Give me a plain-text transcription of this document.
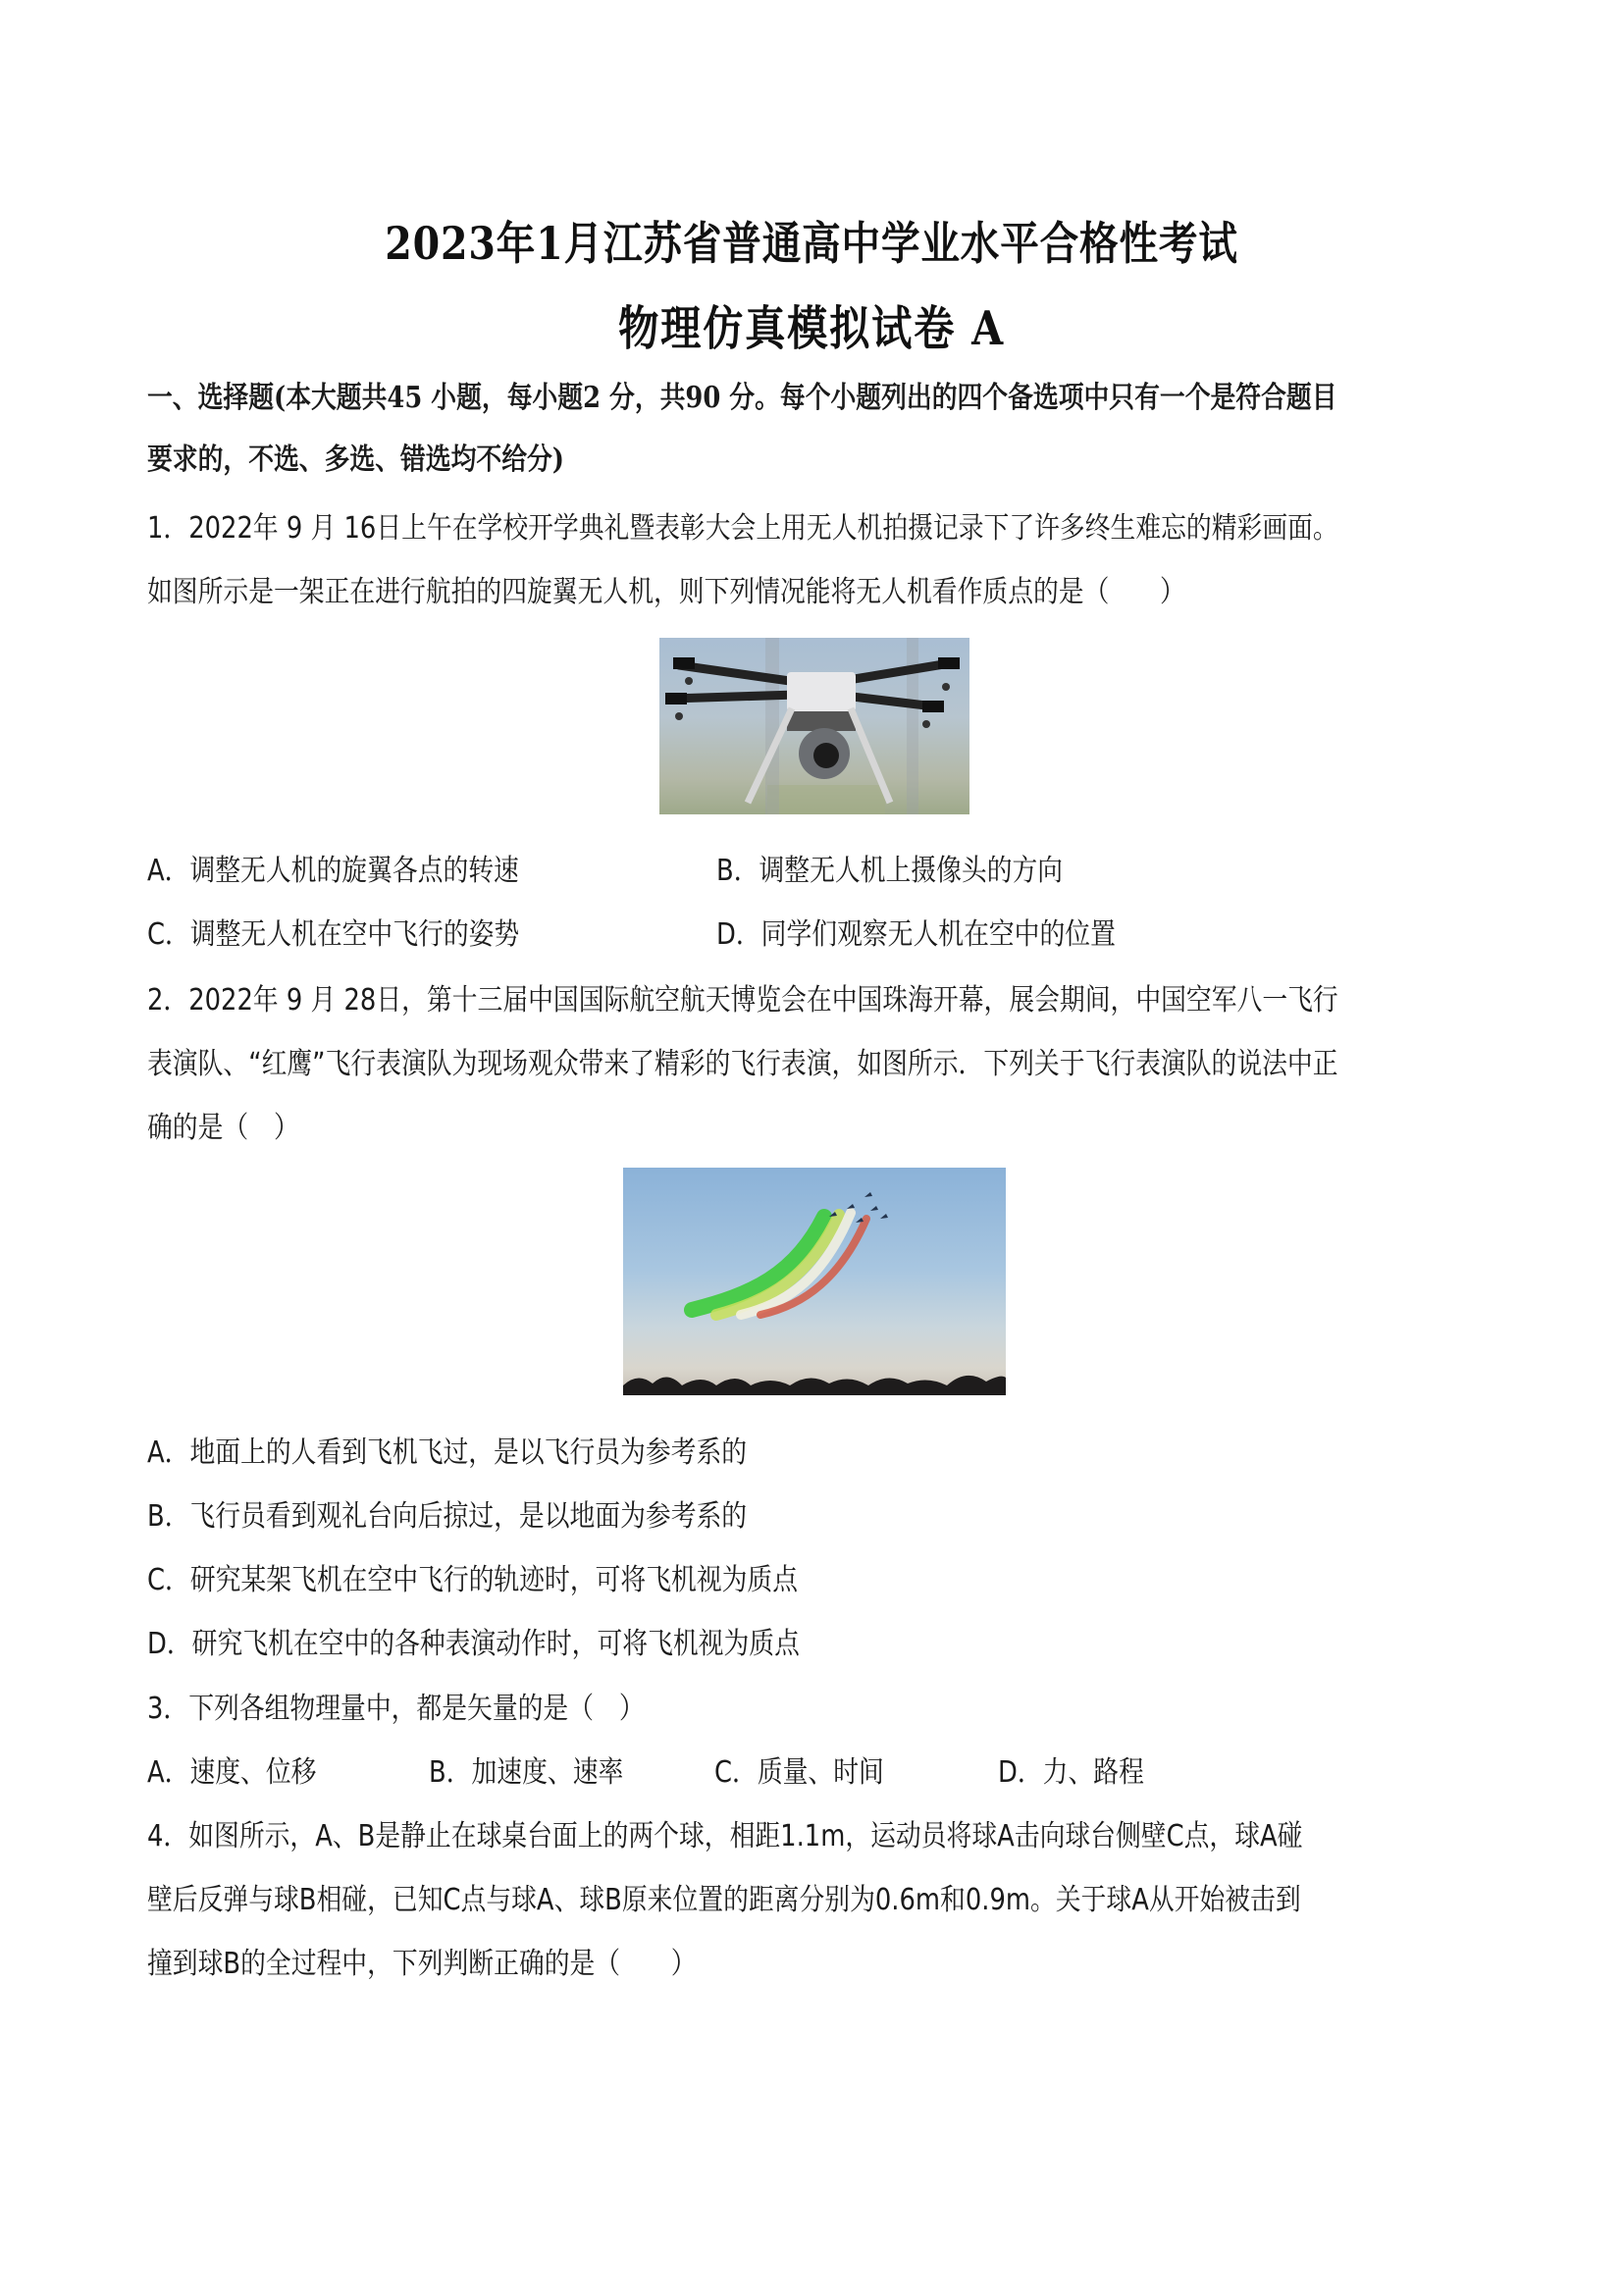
2023年1月江苏省普通高中学业水平合格性考试
物理仿真模拟试卷 A
一、选择题(本大题共45 小题，每小题2 分，共90 分。每个小题列出的四个备选项中只有一个是符合题目
要求的，不选、多选、错选均不给分)
1．2022年 9 月 16日上午在学校开学典礼暨表彰大会上用无人机拍摄记录下了许多终生难忘的精彩画面。
如图所示是一架正在进行航拍的四旋翼无人机，则下列情况能将无人机看作质点的是（　　）
A．调整无人机的旋翼各点的转速	B．调整无人机上摄像头的方向
C．调整无人机在空中飞行的姿势	D．同学们观察无人机在空中的位置
2．2022年 9 月 28日，第十三届中国国际航空航天博览会在中国珠海开幕，展会期间，中国空军八一飞行
表演队、“红鹰”飞行表演队为现场观众带来了精彩的飞行表演，如图所示．下列关于飞行表演队的说法中正
确的是（　）
A．地面上的人看到飞机飞过，是以飞行员为参考系的
B．飞行员看到观礼台向后掠过，是以地面为参考系的
C．研究某架飞机在空中飞行的轨迹时，可将飞机视为质点
D．研究飞机在空中的各种表演动作时，可将飞机视为质点
3．下列各组物理量中，都是矢量的是（　）
A．速度、位移	B．加速度、速率	C．质量、时间	D．力、路程
4．如图所示，A、B是静止在球桌台面上的两个球，相距1.1m，运动员将球A击向球台侧壁C点，球A碰
壁后反弹与球B相碰，已知C点与球A、球B原来位置的距离分别为0.6m和0.9m。关于球A从开始被击到
撞到球B的全过程中，下列判断正确的是（　　）
